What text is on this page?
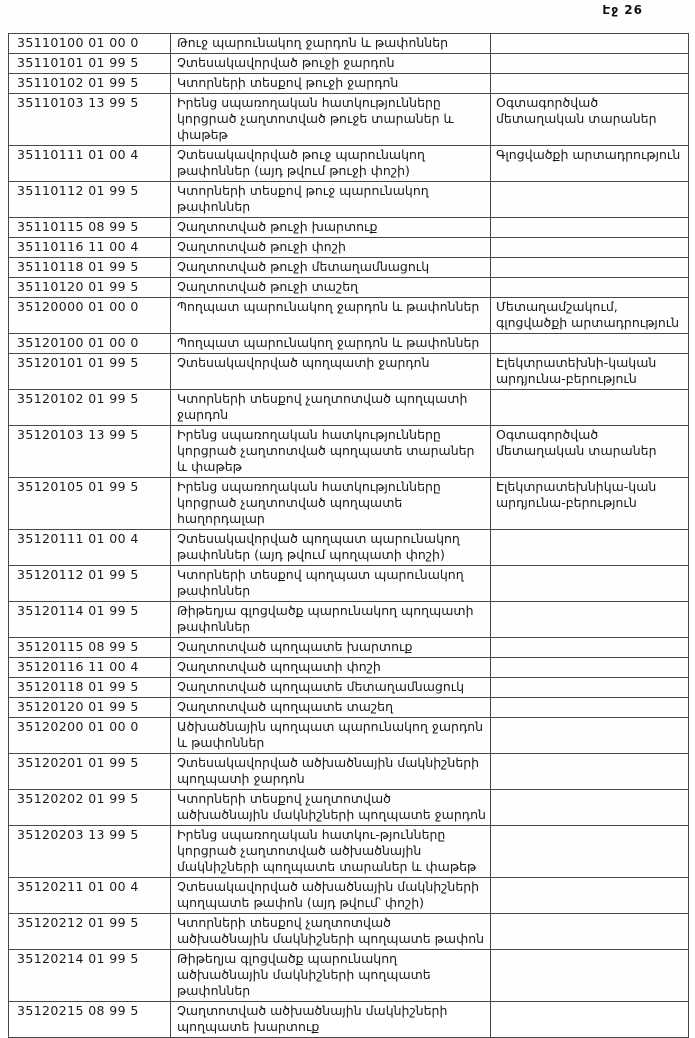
Էջ 26
35110100 01 00 0	Թուջ պարունակող ջարդոն և թափոններ	
35110101 01 99 5	Չտեսակավորված թուջի ջարդոն	
35110102 01 99 5	Կտորների տեսքով թուջի ջարդոն	
35110103 13 99 5	Իրենց սպառողական հատկությունները կորցրած չաղտոտված թուջե տարաներ և փաթեթ	Օգտագործված մետաղական տարաներ
35110111 01 00 4	Չտեսակավորված թուջ պարունակող թափոններ (այդ թվում թուջի փոշի)	Գլոցվածքի արտադրություն
35110112 01 99 5	Կտորների տեսքով թուջ պարունակող թափոններ	
35110115 08 99 5	Չաղտոտված թուջի խարտուք	
35110116 11 00 4	Չաղտոտված թուջի փոշի	
35110118 01 99 5	Չաղտոտված թուջի մետաղամնացուկ	
35110120 01 99 5	Չաղտոտված թուջի տաշեղ	
35120000 01 00 0	Պողպատ պարունակող ջարդոն և թափոններ	Մետաղամշակում, գլոցվածքի արտադրություն
35120100 01 00 0	Պողպատ պարունակող ջարդոն և թափոններ	
35120101 01 99 5	Չտեսակավորված պողպատի ջարդոն	Էլեկտրատեխնի-կական արդյունա-բերություն
35120102 01 99 5	Կտորների տեսքով չաղտոտված պողպատի ջարդոն	
35120103 13 99 5	Իրենց սպառողական հատկությունները կորցրած չաղտոտված պողպատե տարաներ և փաթեթ	Օգտագործված մետաղական տարաներ
35120105 01 99 5	Իրենց սպառողական հատկությունները կորցրած չաղտոտված պողպատե հաղորդալար	Էլեկտրատեխնիկա-կան արդյունա-բերություն
35120111 01 00 4	Չտեսակավորված պողպատ պարունակող թափոններ (այդ թվում պողպատի փոշի)	
35120112 01 99 5	Կտորների տեսքով պողպատ պարունակող թափոններ	
35120114 01 99 5	Թիթեղյա գլոցվածք պարունակող պողպատի թափոններ	
35120115 08 99 5	Չաղտոտված պողպատե խարտուք	
35120116 11 00 4	Չաղտոտված պողպատի փոշի	
35120118 01 99 5	Չաղտոտված պողպատե մետաղամնացուկ	
35120120 01 99 5	Չաղտոտված պողպատե տաշեղ	
35120200 01 00 0	Ածխածնային պողպատ պարունակող ջարդոն և թափոններ	
35120201 01 99 5	Չտեսակավորված ածխածնային մակնիշների պողպատի ջարդոն	
35120202 01 99 5	Կտորների տեսքով չաղտոտված ածխածնային մակնիշների պողպատե ջարդոն	
35120203 13 99 5	Իրենց սպառողական հատկու-թյունները կորցրած չաղտոտված ածխածնային մակնիշների պողպատե տարաներ և փաթեթ	
35120211 01 00 4	Չտեսակավորված ածխածնային մակնիշների պողպատե թափոն (այդ թվում՝ փոշի)	
35120212 01 99 5	Կտորների տեսքով չաղտոտված ածխածնային մակնիշների պողպատե թափոն	
35120214 01 99 5	Թիթեղյա գլոցվածք պարունակող ածխածնային մակնիշների պողպատե թափոններ	
35120215 08 99 5	Չաղտոտված ածխածնային մակնիշների պողպատե խարտուք	
